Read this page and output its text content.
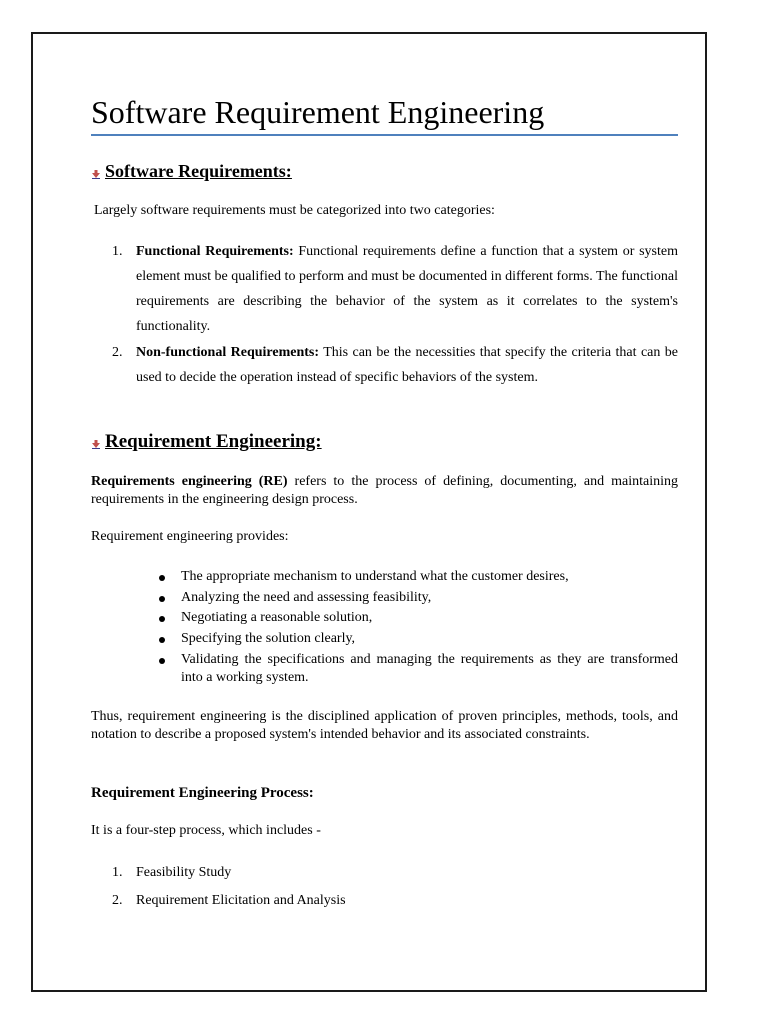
Software Requirement Engineering
Software Requirements:

Largely software requirements must be categorized into two categories:

1. Functional Requirements: Functional requirements define a function that a system or system element must be qualified to perform and must be documented in different forms. The functional requirements are describing the behavior of the system as it correlates to the system's functionality.
2. Non-functional Requirements: This can be the necessities that specify the criteria that can be used to decide the operation instead of specific behaviors of the system.
Requirement Engineering:

Requirements engineering (RE) refers to the process of defining, documenting, and maintaining requirements in the engineering design process.

Requirement engineering provides:

The appropriate mechanism to understand what the customer desires,
Analyzing the need and assessing feasibility,
Negotiating a reasonable solution,
Specifying the solution clearly,
Validating the specifications and managing the requirements as they are transformed into a working system.

Thus, requirement engineering is the disciplined application of proven principles, methods, tools, and notation to describe a proposed system's intended behavior and its associated constraints.

Requirement Engineering Process:

It is a four-step process, which includes -

1. Feasibility Study
2. Requirement Elicitation and Analysis
